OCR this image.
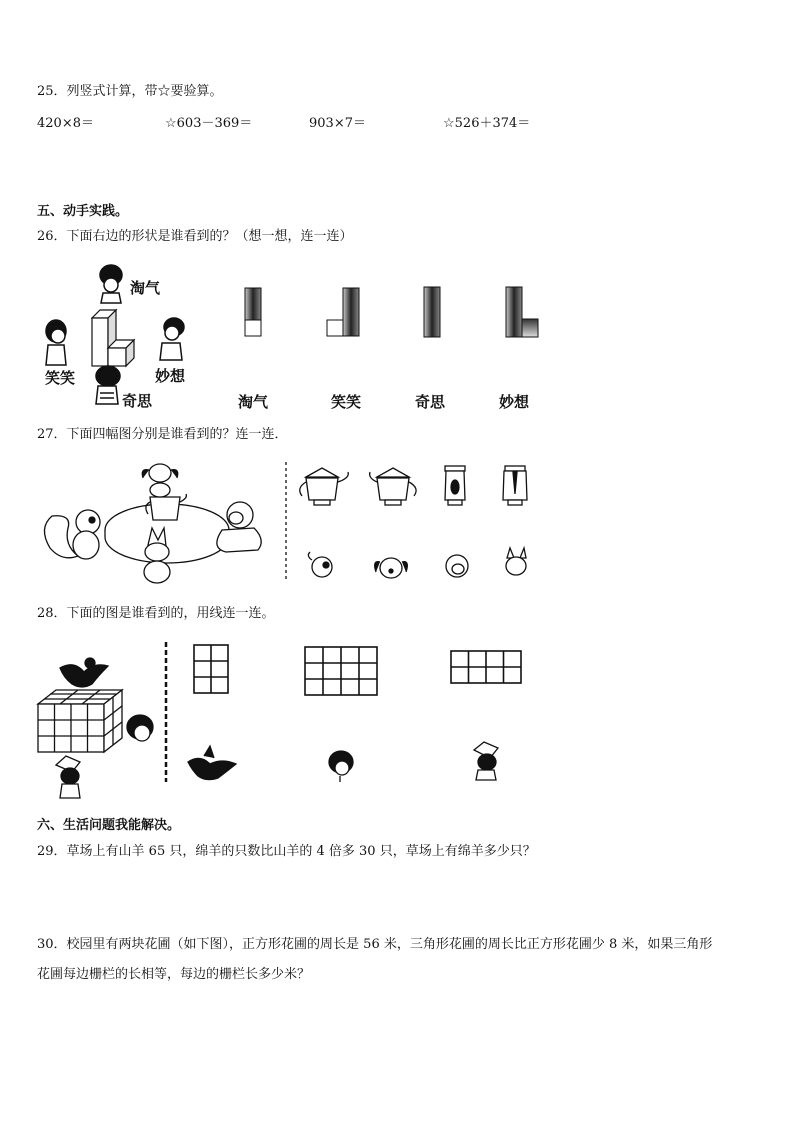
25．列竖式计算，带☆要验算。
420×8＝	☆603－369＝	903×7＝	☆526＋374＝
五、动手实践。
26．下面右边的形状是谁看到的？（想一想，连一连）
淘气
笑笑	妙想
奇思	淘气	笑笑	奇思	妙想
27．下面四幅图分别是谁看到的？连一连．
28．下面的图是谁看到的，用线连一连。
六、生活问题我能解决。
29．草场上有山羊 65 只，绵羊的只数比山羊的 4 倍多 30 只，草场上有绵羊多少只？
30．校园里有两块花圃（如下图），正方形花圃的周长是 56 米，三角形花圃的周长比正方形花圃少 8 米，如果三角形
花圃每边栅栏的长相等，每边的栅栏长多少米？
